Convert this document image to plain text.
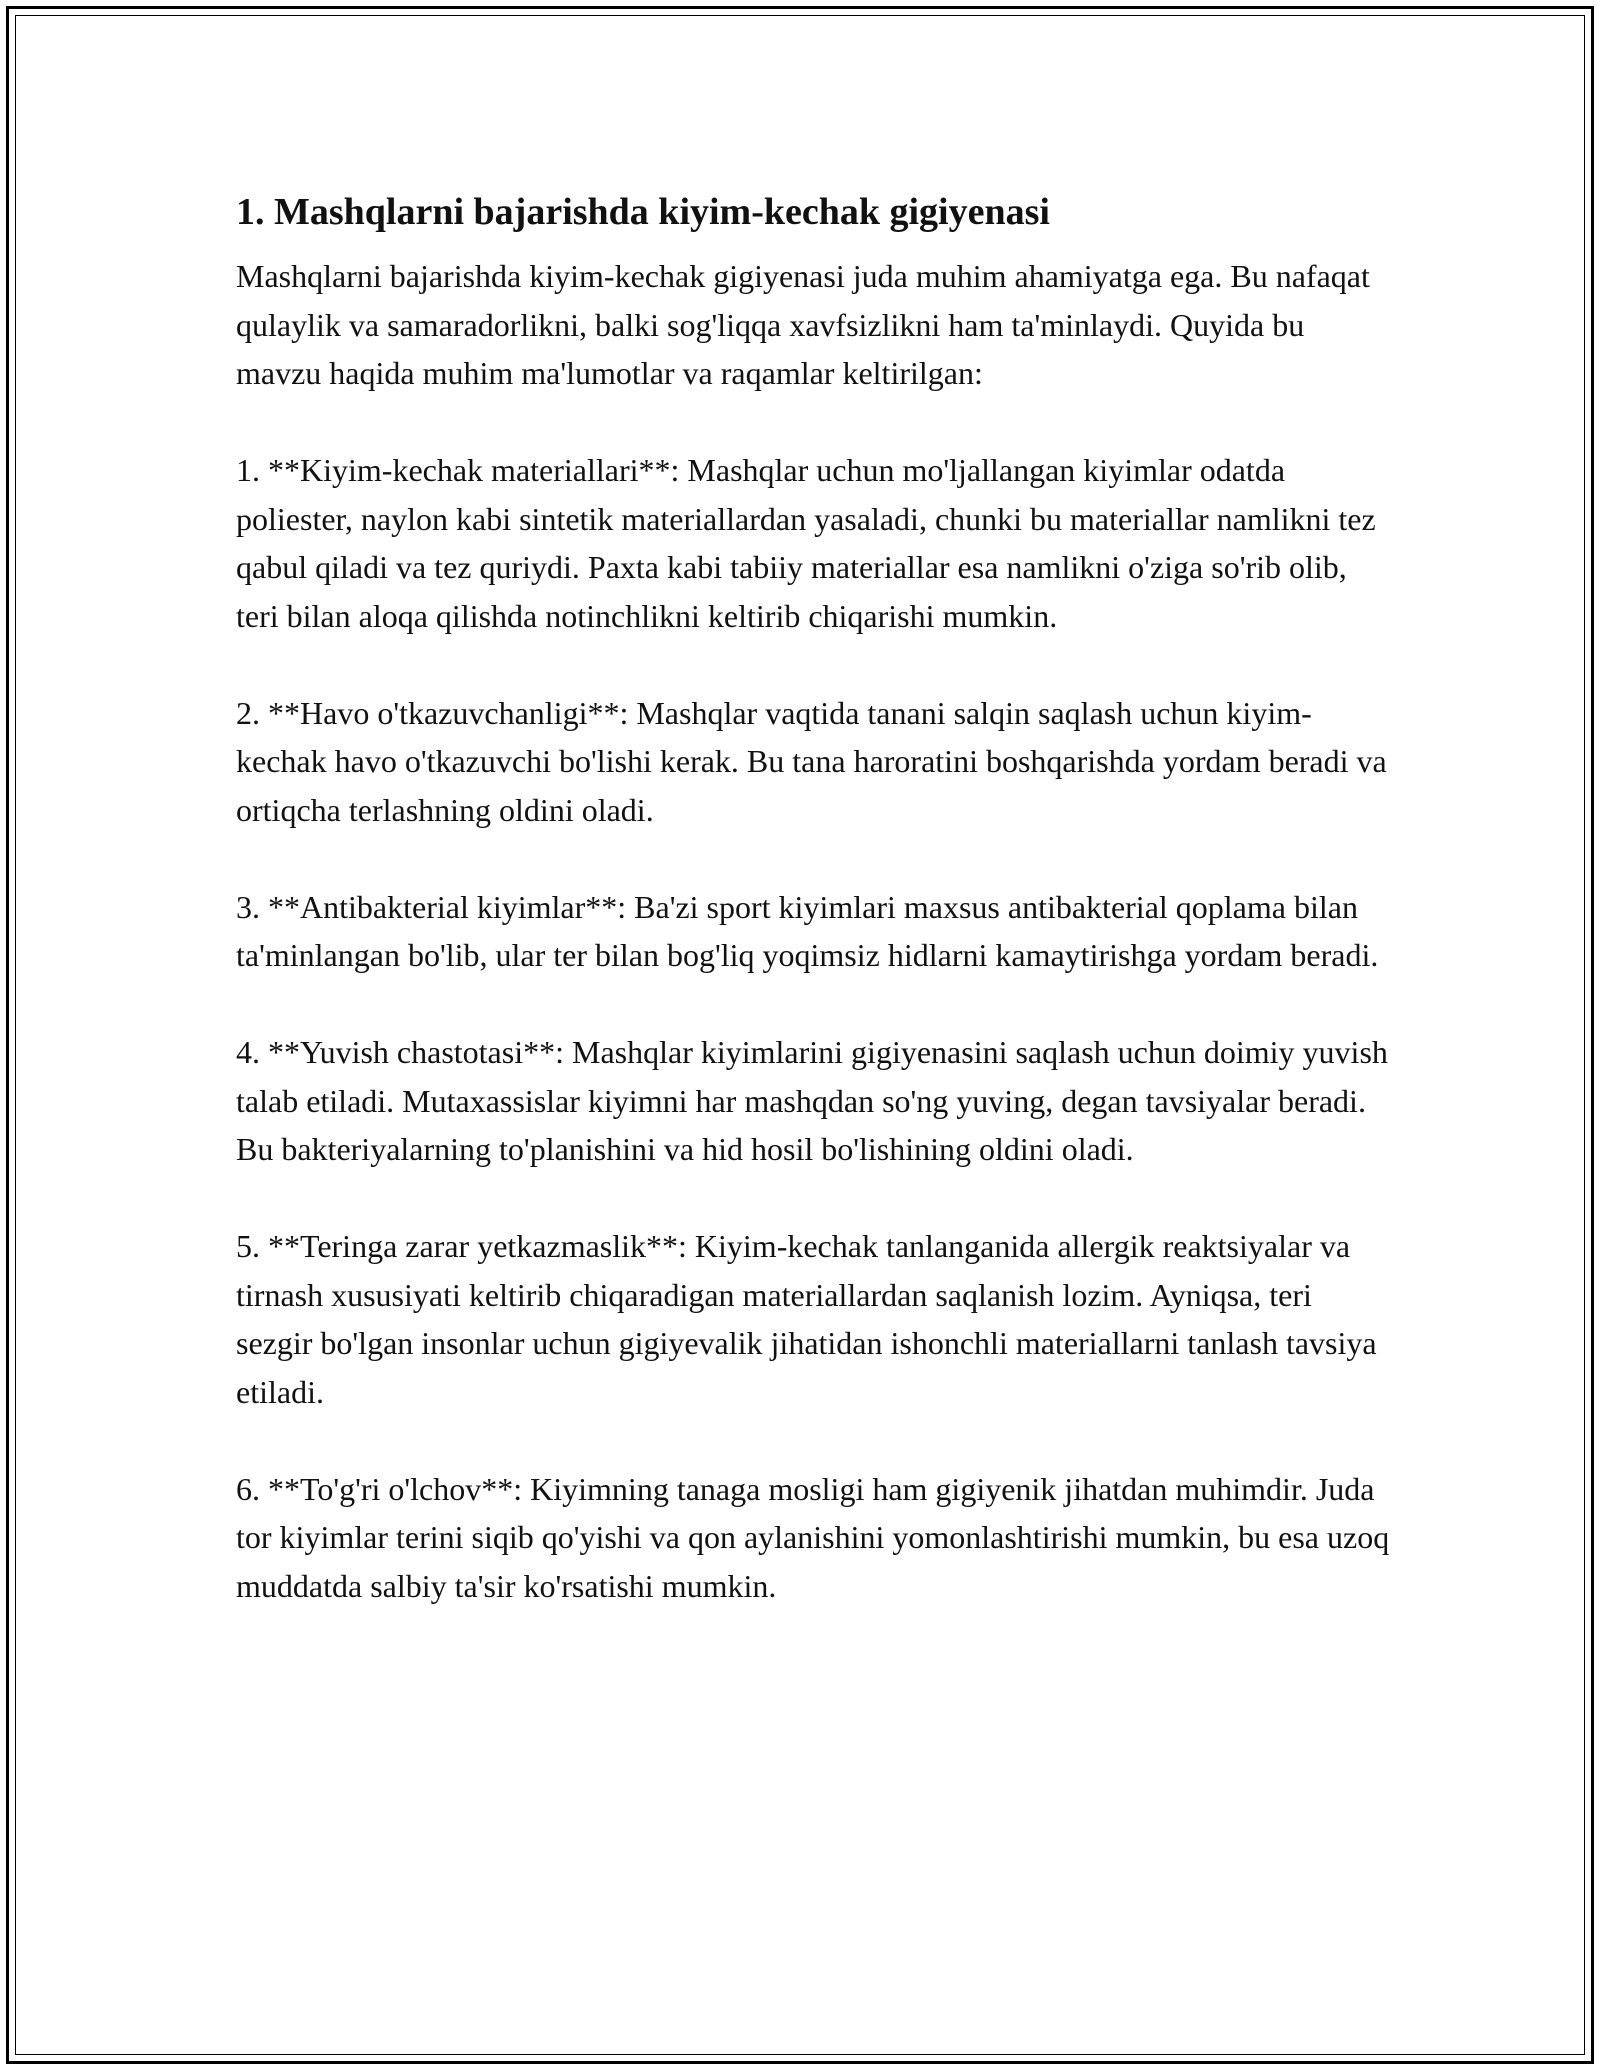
1. Mashqlarni bajarishda kiyim-kechak gigiyenasi

Mashqlarni bajarishda kiyim-kechak gigiyenasi juda muhim ahamiyatga ega. Bu nafaqat qulaylik va samaradorlikni, balki sog'liqqa xavfsizlikni ham ta'minlaydi. Quyida bu mavzu haqida muhim ma'lumotlar va raqamlar keltirilgan:

1. **Kiyim-kechak materiallari**: Mashqlar uchun mo'ljallangan kiyimlar odatda poliester, naylon kabi sintetik materiallardan yasaladi, chunki bu materiallar namlikni tez qabul qiladi va tez quriydi. Paxta kabi tabiiy materiallar esa namlikni o'ziga so'rib olib, teri bilan aloqa qilishda notinchlikni keltirib chiqarishi mumkin.

2. **Havo o'tkazuvchanligi**: Mashqlar vaqtida tanani salqin saqlash uchun kiyim-kechak havo o'tkazuvchi bo'lishi kerak. Bu tana haroratini boshqarishda yordam beradi va ortiqcha terlashning oldini oladi.

3. **Antibakterial kiyimlar**: Ba'zi sport kiyimlari maxsus antibakterial qoplama bilan ta'minlangan bo'lib, ular ter bilan bog'liq yoqimsiz hidlarni kamaytirishga yordam beradi.

4. **Yuvish chastotasi**: Mashqlar kiyimlarini gigiyenasini saqlash uchun doimiy yuvish talab etiladi. Mutaxassislar kiyimni har mashqdan so'ng yuving, degan tavsiyalar beradi. Bu bakteriyalarning to'planishini va hid hosil bo'lishining oldini oladi.

5. **Teringa zarar yetkazmaslik**: Kiyim-kechak tanlanganida allergik reaktsiyalar va tirnash xususiyati keltirib chiqaradigan materiallardan saqlanish lozim. Ayniqsa, teri sezgir bo'lgan insonlar uchun gigiyevalik jihatidan ishonchli materiallarni tanlash tavsiya etiladi.

6. **To'g'ri o'lchov**: Kiyimning tanaga mosligi ham gigiyenik jihatdan muhimdir. Juda tor kiyimlar terini siqib qo'yishi va qon aylanishini yomonlashtirishi mumkin, bu esa uzoq muddatda salbiy ta'sir ko'rsatishi mumkin.
